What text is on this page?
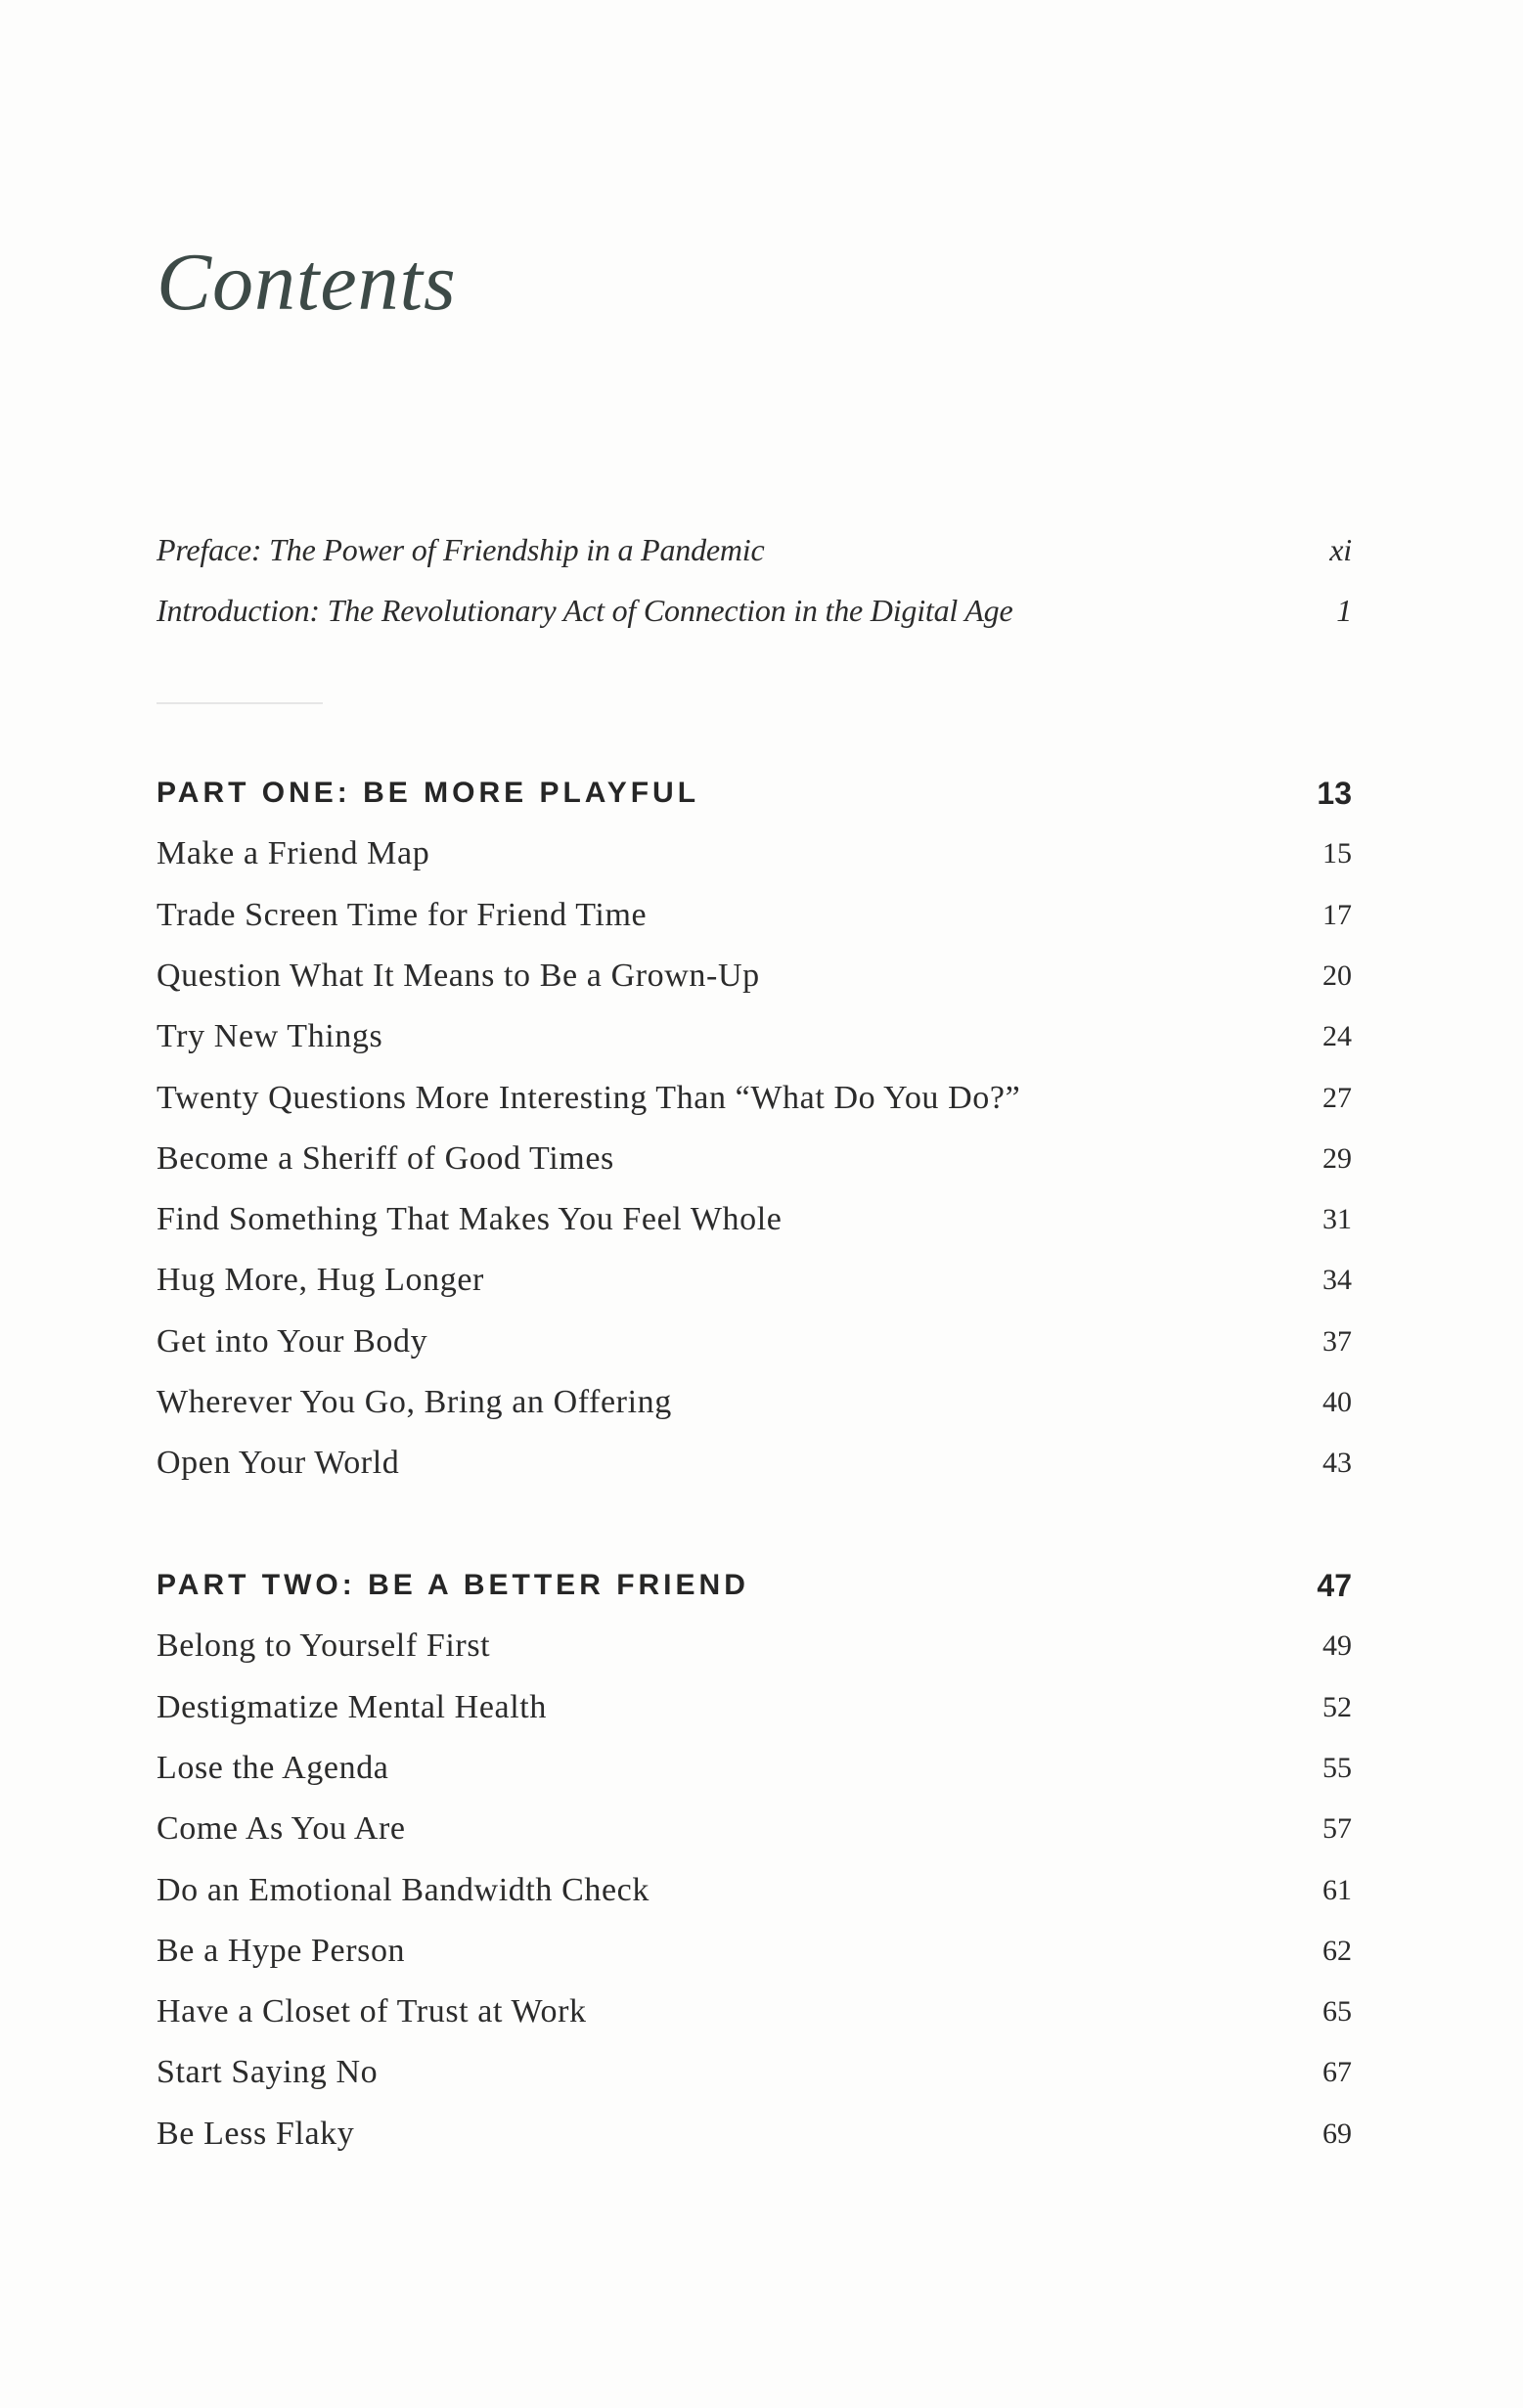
Contents
Preface: The Power of Friendship in a Pandemic	xi
Introduction: The Revolutionary Act of Connection in the Digital Age	1
PART ONE: BE MORE PLAYFUL	13
Make a Friend Map	15
Trade Screen Time for Friend Time	17
Question What It Means to Be a Grown-Up	20
Try New Things	24
Twenty Questions More Interesting Than “What Do You Do?”	27
Become a Sheriff of Good Times	29
Find Something That Makes You Feel Whole	31
Hug More, Hug Longer	34
Get into Your Body	37
Wherever You Go, Bring an Offering	40
Open Your World	43
PART TWO: BE A BETTER FRIEND	47
Belong to Yourself First	49
Destigmatize Mental Health	52
Lose the Agenda	55
Come As You Are	57
Do an Emotional Bandwidth Check	61
Be a Hype Person	62
Have a Closet of Trust at Work	65
Start Saying No	67
Be Less Flaky	69
